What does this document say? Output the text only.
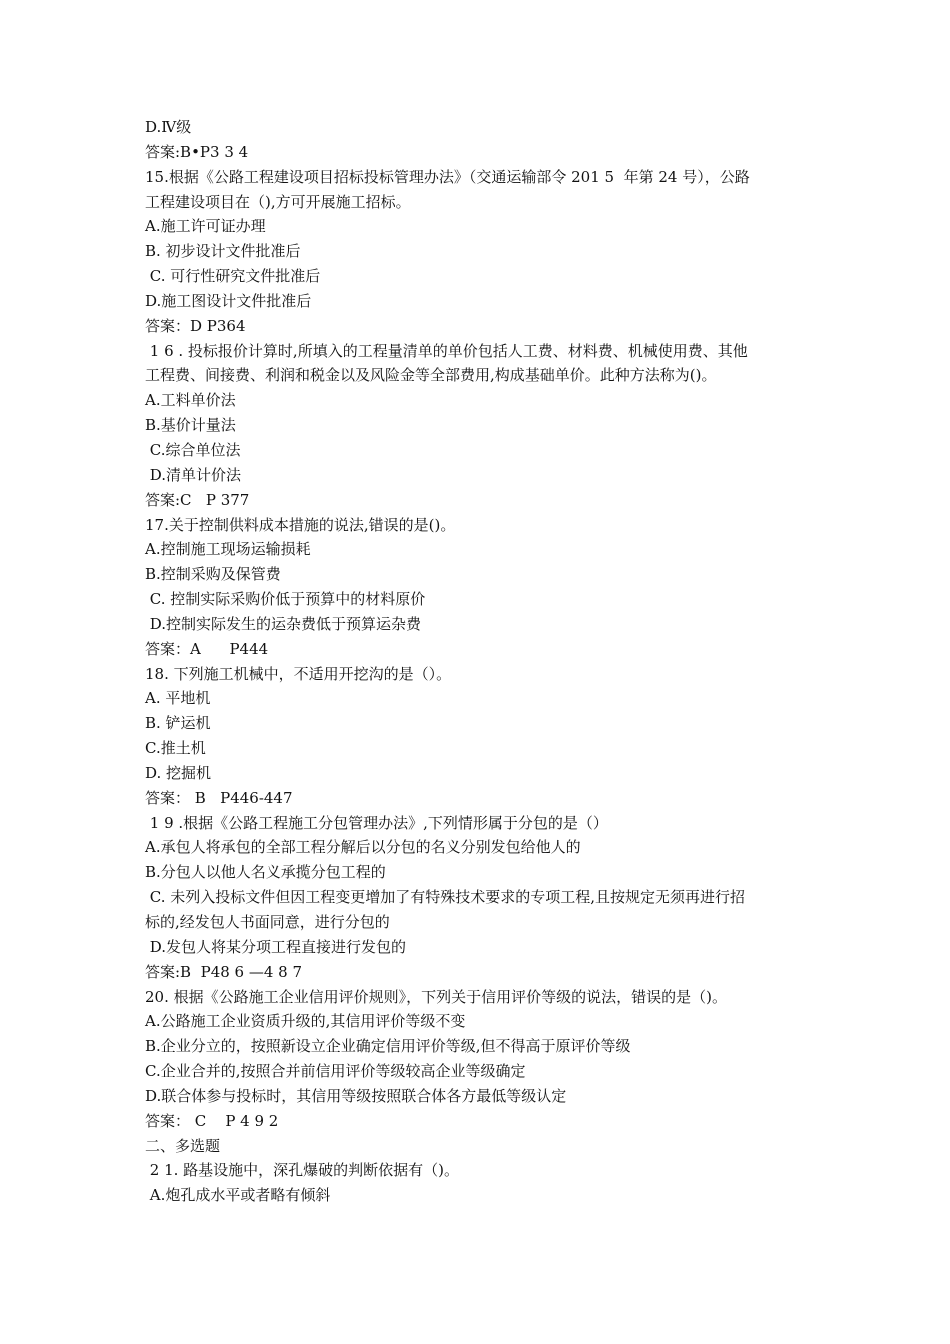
D.Ⅳ级
答案:B•P3 3 4
15.根据《公路工程建设项目招标投标管理办法》（交通运输部令 201 5  年第 24 号），公路
工程建设项目在（),方可开展施工招标。
A.施工许可证办理
B. 初步设计文件批准后
C. 可行性研究文件批准后
D.施工图设计文件批准后
答案：D P364
1 6 . 投标报价计算时,所填入的工程量清单的单价包括人工费、材料费、机械使用费、其他
工程费、间接费、利润和税金以及风险金等全部费用,构成基础单价。此种方法称为()。
A.工料单价法
B.基价计量法
C.综合单位法
D.清单计价法
答案:C   P 377
17.关于控制供料成本措施的说法,错误的是()。
A.控制施工现场运输损耗
B.控制采购及保管费
C. 控制实际采购价低于预算中的材料原价
D.控制实际发生的运杂费低于预算运杂费
答案：A      P444
18. 下列施工机械中，不适用开挖沟的是（）。
A. 平地机
B. 铲运机
C.推土机
D. 挖掘机
答案： B   P446-447
1 9 .根据《公路工程施工分包管理办法》,下列情形属于分包的是（）
A.承包人将承包的全部工程分解后以分包的名义分别发包给他人的
B.分包人以他人名义承揽分包工程的
C. 未列入投标文件但因工程变更增加了有特殊技术要求的专项工程,且按规定无须再进行招
标的,经发包人书面同意，进行分包的
D.发包人将某分项工程直接进行发包的
答案:B  P48 6 —4 8 7
20. 根据《公路施工企业信用评价规则》，下列关于信用评价等级的说法，错误的是（)。
A.公路施工企业资质升级的,其信用评价等级不变
B.企业分立的，按照新设立企业确定信用评价等级,但不得高于原评价等级
C.企业合并的,按照合并前信用评价等级较高企业等级确定
D.联合体参与投标时，其信用等级按照联合体各方最低等级认定
答案： C    P 4 9 2
二、多选题
2 1. 路基设施中，深孔爆破的判断依据有（)。
A.炮孔成水平或者略有倾斜
